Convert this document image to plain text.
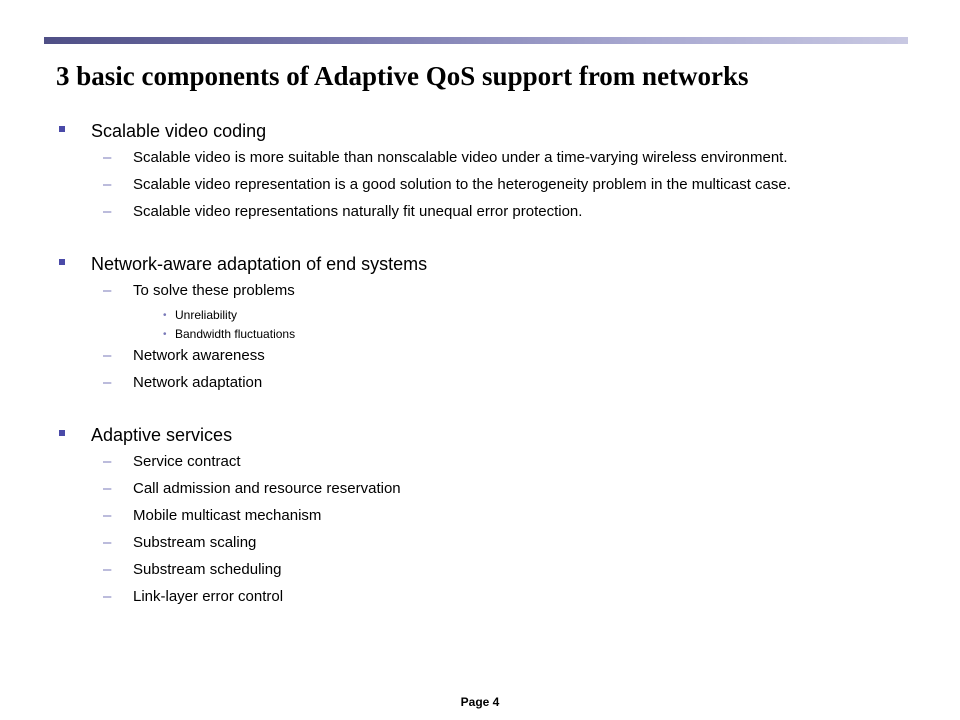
3 basic components of Adaptive QoS support from networks
Scalable video coding
–	Scalable video is more suitable than nonscalable video under a time-varying wireless environment.
–	Scalable video representation is a good solution to the heterogeneity problem in the multicast case.
–	Scalable video representations naturally fit unequal error protection.
Network-aware adaptation of end systems
–	To solve these problems
• Unreliability
• Bandwidth fluctuations
–	Network awareness
–	Network adaptation
Adaptive services
–	Service contract
–	Call admission and resource reservation
–	Mobile multicast mechanism
–	Substream scaling
–	Substream scheduling
–	Link-layer error control
Page 4
